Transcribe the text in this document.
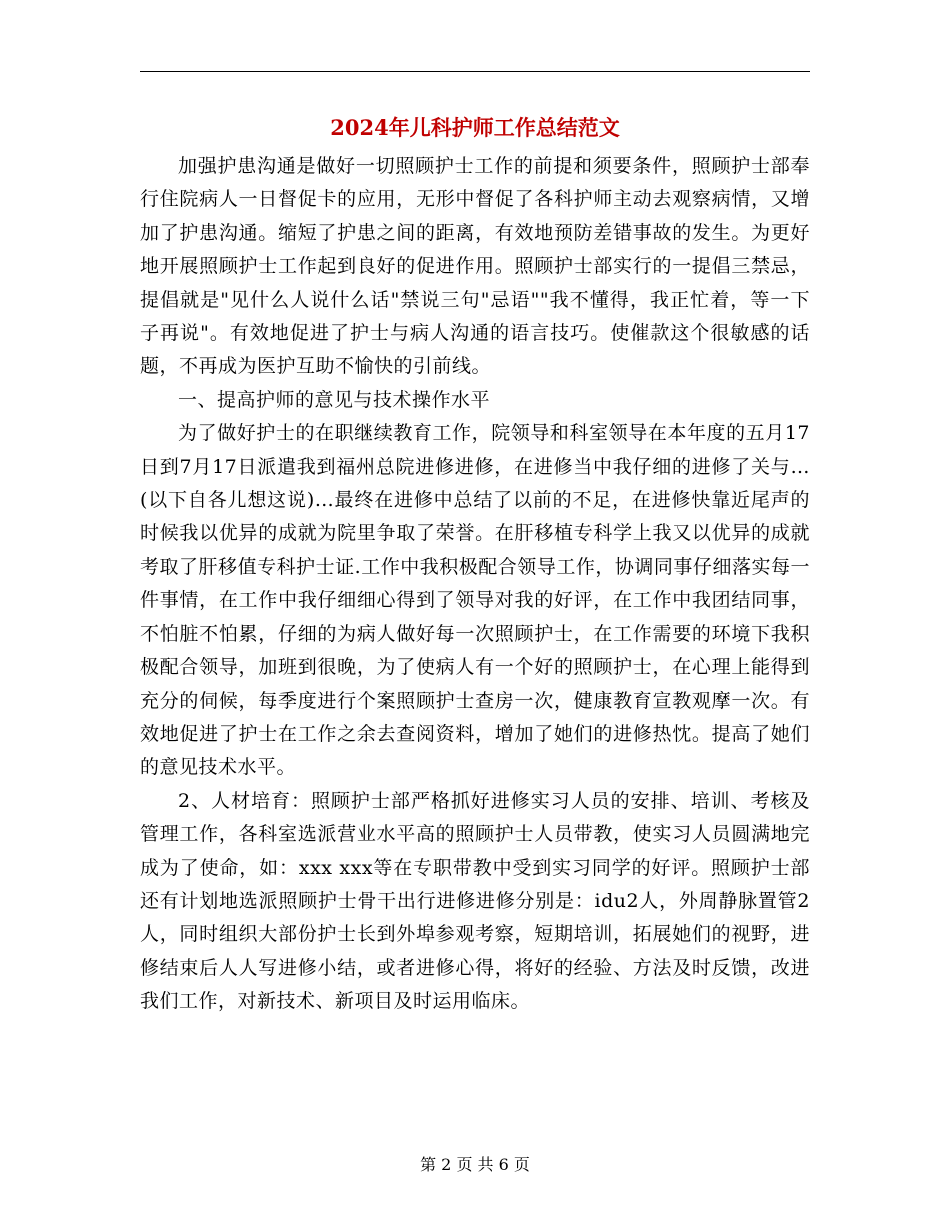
2024年儿科护师工作总结范文

加强护患沟通是做好一切照顾护士工作的前提和须要条件，照顾护士部奉行住院病人一日督促卡的应用，无形中督促了各科护师主动去观察病情，又增加了护患沟通。缩短了护患之间的距离，有效地预防差错事故的发生。为更好地开展照顾护士工作起到良好的促进作用。照顾护士部实行的一提倡三禁忌，提倡就是"见什么人说什么话"禁说三句"忌语""我不懂得，我正忙着，等一下子再说"。有效地促进了护士与病人沟通的语言技巧。使催款这个很敏感的话题，不再成为医护互助不愉快的引前线。

一、提高护师的意见与技术操作水平

为了做好护士的在职继续教育工作，院领导和科室领导在本年度的五月17日到7月17日派遣我到福州总院进修进修，在进修当中我仔细的进修了关与…(以下自各儿想这说)…最终在进修中总结了以前的不足，在进修快靠近尾声的时候我以优异的成就为院里争取了荣誉。在肝移植专科学上我又以优异的成就考取了肝移值专科护士证.工作中我积极配合领导工作，协调同事仔细落实每一件事情，在工作中我仔细细心得到了领导对我的好评，在工作中我团结同事，不怕脏不怕累，仔细的为病人做好每一次照顾护士，在工作需要的环境下我积极配合领导，加班到很晚，为了使病人有一个好的照顾护士，在心理上能得到充分的伺候，每季度进行个案照顾护士查房一次，健康教育宣教观摩一次。有效地促进了护士在工作之余去查阅资料，增加了她们的进修热忱。提高了她们的意见技术水平。

2、人材培育：照顾护士部严格抓好进修实习人员的安排、培训、考核及管理工作，各科室选派营业水平高的照顾护士人员带教，使实习人员圆满地完成为了使命，如：xxx xxx等在专职带教中受到实习同学的好评。照顾护士部还有计划地选派照顾护士骨干出行进修进修分别是：idu2人，外周静脉置管2人，同时组织大部份护士长到外埠参观考察，短期培训，拓展她们的视野，进修结束后人人写进修小结，或者进修心得，将好的经验、方法及时反馈，改进我们工作，对新技术、新项目及时运用临床。

第 2 页 共 6 页
